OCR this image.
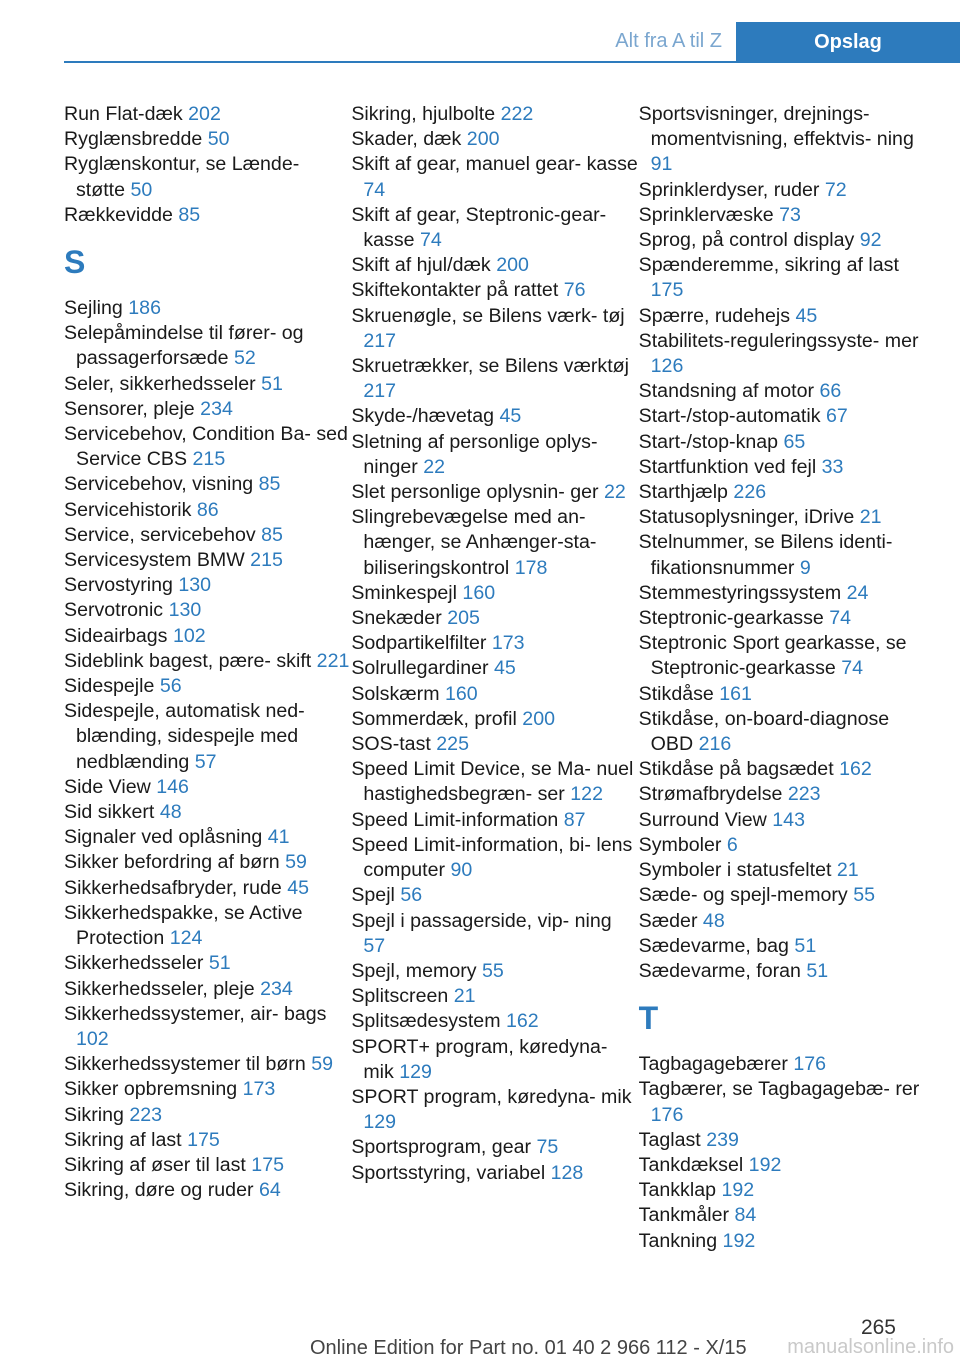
Alt fra A til Z	Opslag
Run Flat-dæk 202
Ryglænsbredde 50
Ryglænskontur, se Lænde- støtte 50
Rækkevidde 85
S
Sejling 186
Selepåmindelse til fører- og passagerforsæde 52
Seler, sikkerhedsseler 51
Sensorer, pleje 234
Servicebehov, Condition Ba- sed Service CBS 215
Servicebehov, visning 85
Servicehistorik 86
Service, servicebehov 85
Servicesystem BMW 215
Servostyring 130
Servotronic 130
Sideairbags 102
Sideblink bagest, pære- skift 221
Sidespejle 56
Sidespejle, automatisk ned- blænding, sidespejle med nedblænding 57
Side View 146
Sid sikkert 48
Signaler ved oplåsning 41
Sikker befordring af børn 59
Sikkerhedsafbryder, rude 45
Sikkerhedspakke, se Active Protection 124
Sikkerhedsseler 51
Sikkerhedsseler, pleje 234
Sikkerhedssystemer, air- bags 102
Sikkerhedssystemer til børn 59
Sikker opbremsning 173
Sikring 223
Sikring af last 175
Sikring af øser til last 175
Sikring, døre og ruder 64
Sikring, hjulbolte 222
Skader, dæk 200
Skift af gear, manuel gear- kasse 74
Skift af gear, Steptronic-gear- kasse 74
Skift af hjul/dæk 200
Skiftekontakter på rattet 76
Skruenøgle, se Bilens værk- tøj 217
Skruetrækker, se Bilens værktøj 217
Skyde-/hævetag 45
Sletning af personlige oplys- ninger 22
Slet personlige oplysnin- ger 22
Slingrebevægelse med an- hænger, se Anhænger-sta- biliseringskontrol 178
Sminkespejl 160
Snekæder 205
Sodpartikelfilter 173
Solrullegardiner 45
Solskærm 160
Sommerdæk, profil 200
SOS-tast 225
Speed Limit Device, se Ma- nuel hastighedsbegræn- ser 122
Speed Limit-information 87
Speed Limit-information, bi- lens computer 90
Spejl 56
Spejl i passagerside, vip- ning 57
Spejl, memory 55
Splitscreen 21
Splitsædesystem 162
SPORT+ program, køredyna- mik 129
SPORT program, køredyna- mik 129
Sportsprogram, gear 75
Sportsstyring, variabel 128
Sportsvisninger, drejnings- momentvisning, effektvis- ning 91
Sprinklerdyser, ruder 72
Sprinklervæske 73
Sprog, på control display 92
Spænderemme, sikring af last 175
Spærre, rudehejs 45
Stabilitets-reguleringssyste- mer 126
Standsning af motor 66
Start-/stop-automatik 67
Start-/stop-knap 65
Startfunktion ved fejl 33
Starthjælp 226
Statusoplysninger, iDrive 21
Stelnummer, se Bilens identi- fikationsnummer 9
Stemmestyringssystem 24
Steptronic-gearkasse 74
Steptronic Sport gearkasse, se Steptronic-gearkasse 74
Stikdåse 161
Stikdåse, on-board-diagnose OBD 216
Stikdåse på bagsædet 162
Strømafbrydelse 223
Surround View 143
Symboler 6
Symboler i statusfeltet 21
Sæde- og spejl-memory 55
Sæder 48
Sædevarme, bag 51
Sædevarme, foran 51
T
Tagbagagebærer 176
Tagbærer, se Tagbagagebæ- rer 176
Taglast 239
Tankdæksel 192
Tankklap 192
Tankmåler 84
Tankning 192
265
Online Edition for Part no. 01 40 2 966 112 - X/15 manualsonline.info
